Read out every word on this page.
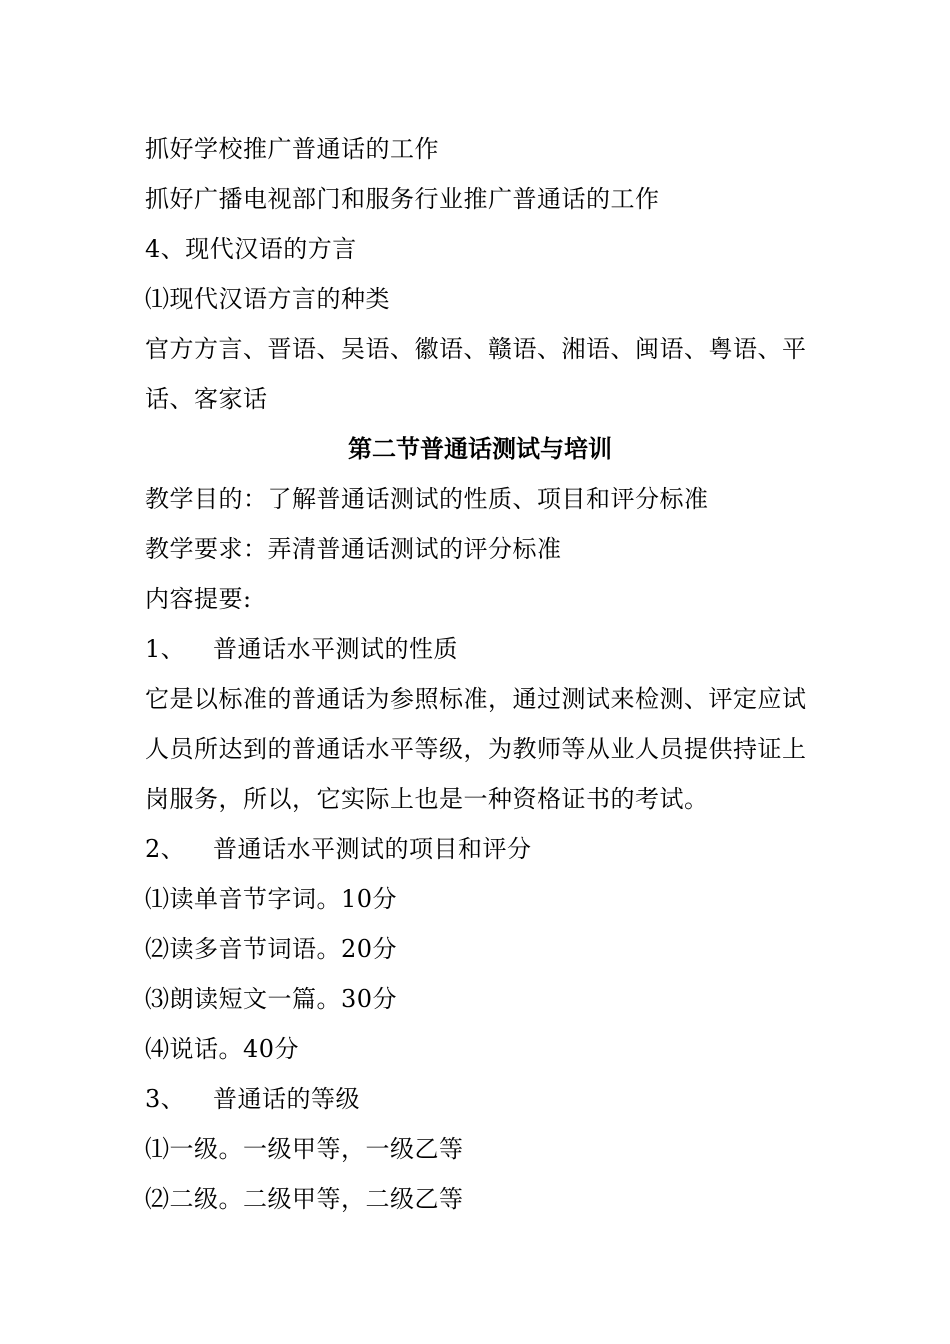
抓好学校推广普通话的工作
抓好广播电视部门和服务行业推广普通话的工作
4、现代汉语的方言
⑴现代汉语方言的种类
官方方言、晋语、吴语、徽语、赣语、湘语、闽语、粤语、平话、客家话
第二节普通话测试与培训
教学目的：了解普通话测试的性质、项目和评分标准
教学要求：弄清普通话测试的评分标准
内容提要:
1、 普通话水平测试的性质
它是以标准的普通话为参照标准，通过测试来检测、评定应试人员所达到的普通话水平等级，为教师等从业人员提供持证上岗服务，所以，它实际上也是一种资格证书的考试。
2、 普通话水平测试的项目和评分
⑴读单音节字词。10分
⑵读多音节词语。20分
⑶朗读短文一篇。30分
⑷说话。40分
3、 普通话的等级
⑴一级。一级甲等，一级乙等
⑵二级。二级甲等，二级乙等
